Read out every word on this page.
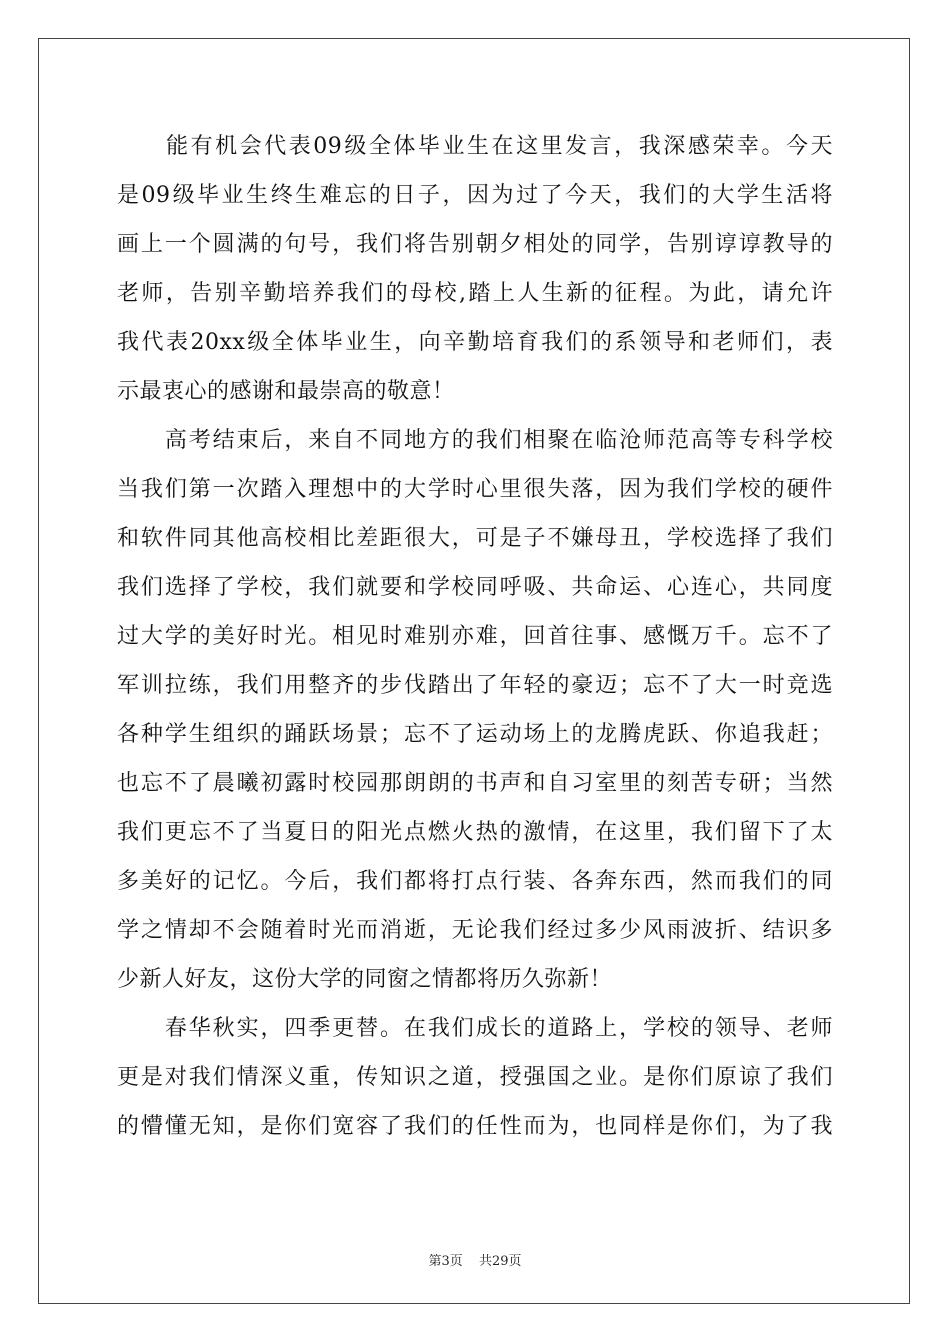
　　能有机会代表09级全体毕业生在这里发言，我深感荣幸。今天
是09级毕业生终生难忘的日子，因为过了今天，我们的大学生活将
画上一个圆满的句号，我们将告别朝夕相处的同学，告别谆谆教导的
老师，告别辛勤培养我们的母校,踏上人生新的征程。为此，请允许
我代表20xx级全体毕业生，向辛勤培育我们的系领导和老师们，表
示最衷心的感谢和最崇高的敬意！
　　高考结束后，来自不同地方的我们相聚在临沧师范高等专科学校
当我们第一次踏入理想中的大学时心里很失落，因为我们学校的硬件
和软件同其他高校相比差距很大，可是子不嫌母丑，学校选择了我们
我们选择了学校，我们就要和学校同呼吸、共命运、心连心，共同度
过大学的美好时光。相见时难别亦难，回首往事、感慨万千。忘不了
军训拉练，我们用整齐的步伐踏出了年轻的豪迈；忘不了大一时竞选
各种学生组织的踊跃场景；忘不了运动场上的龙腾虎跃、你追我赶；
也忘不了晨曦初露时校园那朗朗的书声和自习室里的刻苦专研；当然
我们更忘不了当夏日的阳光点燃火热的激情，在这里，我们留下了太
多美好的记忆。今后，我们都将打点行装、各奔东西，然而我们的同
学之情却不会随着时光而消逝，无论我们经过多少风雨波折、结识多
少新人好友，这份大学的同窗之情都将历久弥新！
　　春华秋实，四季更替。在我们成长的道路上，学校的领导、老师
更是对我们情深义重，传知识之道，授强国之业。是你们原谅了我们
的懵懂无知，是你们宽容了我们的任性而为，也同样是你们，为了我
第3页 共29页
